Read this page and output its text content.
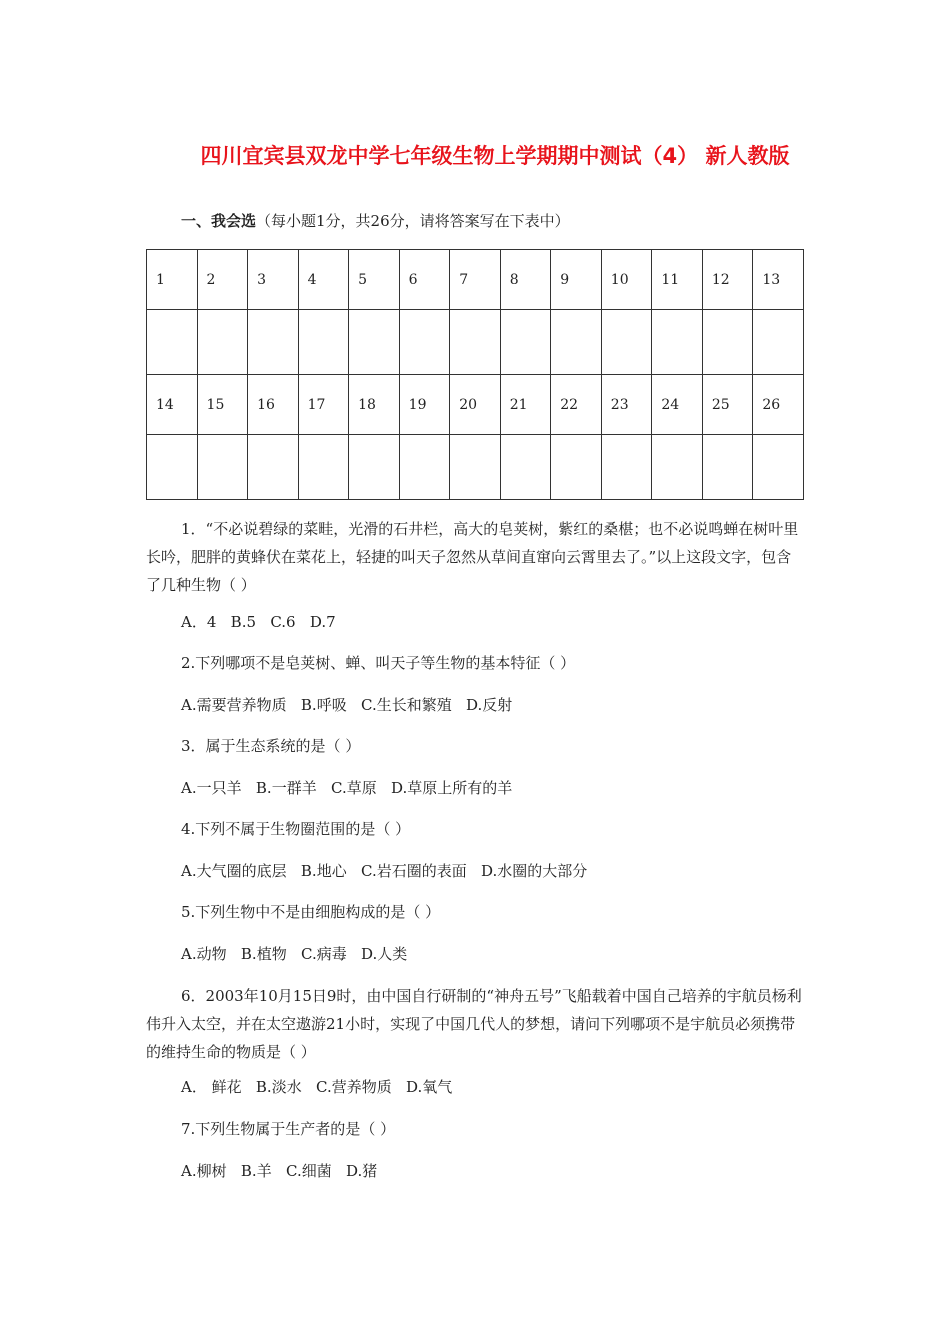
四川宜宾县双龙中学七年级生物上学期期中测试（4） 新人教版
一、我会选（每小题1分，共26分，请将答案写在下表中）
1	2	3	4	5	6	7	8	9	10	11	12	13

14	15	16	17	18	19	20	21	22	23	24	25	26

1．“不必说碧绿的菜畦，光滑的石井栏，高大的皂荚树，紫红的桑椹；也不必说鸣蝉在树叶里长吟，肥胖的黄蜂伏在菜花上，轻捷的叫天子忽然从草间直窜向云霄里去了。”以上这段文字，包含了几种生物（ ）

A．4   B.5   C.6   D.7

2.下列哪项不是皂荚树、蝉、叫天子等生物的基本特征（ ）

A.需要营养物质   B.呼吸   C.生长和繁殖   D.反射

3．属于生态系统的是（ ）

A.一只羊   B.一群羊   C.草原   D.草原上所有的羊

4.下列不属于生物圈范围的是（ ）

A.大气圈的底层   B.地心   C.岩石圈的表面   D.水圈的大部分

5.下列生物中不是由细胞构成的是（ ）

A.动物   B.植物   C.病毒   D.人类

6．2003年10月15日9时，由中国自行研制的“神舟五号”飞船载着中国自己培养的宇航员杨利伟升入太空，并在太空遨游21小时，实现了中国几代人的梦想，请问下列哪项不是宇航员必须携带的维持生命的物质是（ ）

A． 鲜花   B.淡水   C.营养物质   D.氧气

7.下列生物属于生产者的是（ ）

A.柳树   B.羊   C.细菌   D.猪
